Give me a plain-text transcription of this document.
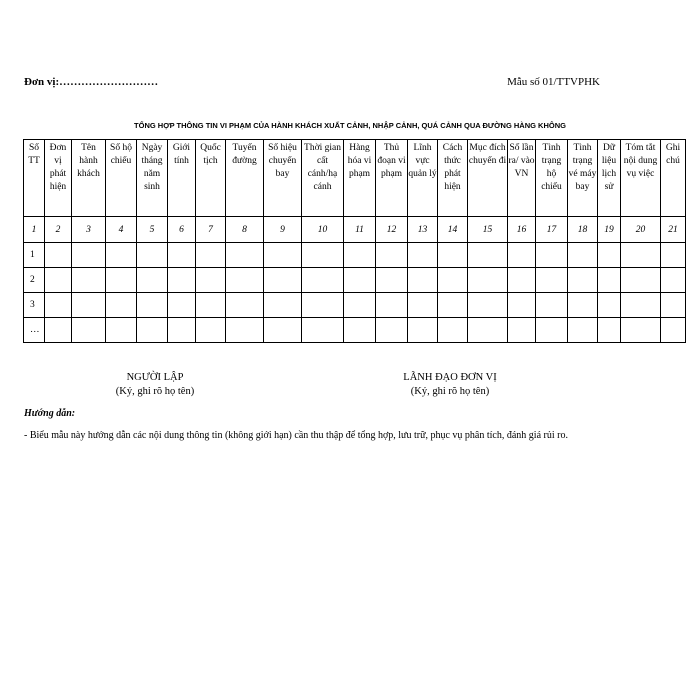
Đơn vị:………………………	Mẫu số 01/TTVPHK
TỔNG HỢP THÔNG TIN VI PHẠM CỦA HÀNH KHÁCH XUẤT CẢNH, NHẬP CẢNH, QUÁ CẢNH QUA ĐƯỜNG HÀNG KHÔNG
Số TT	Đơn vị phát hiện	Tên hành khách	Số hộ chiếu	Ngày tháng năm sinh	Giới tính	Quốc tịch	Tuyến đường	Số hiệu chuyến bay	Thời gian cất cánh/hạ cánh	Hàng hóa vi phạm	Thủ đoạn vi phạm	Lĩnh vực quản lý	Cách thức phát hiện	Mục đích chuyến đi	Số lần ra/ vào VN	Tình trạng hộ chiếu	Tình trạng vé máy bay	Dữ liệu lịch sử	Tóm tắt nội dung vụ việc	Ghi chú
1	2	3	4	5	6	7	8	9	10	11	12	13	14	15	16	17	18	19	20	21
1																				
2																				
3																				
…																				
NGƯỜI LẬP
(Ký, ghi rõ họ tên)
LÃNH ĐẠO ĐƠN VỊ
(Ký, ghi rõ họ tên)
Hướng dẫn:
- Biểu mẫu này hướng dẫn các nội dung thông tin (không giới hạn) cần thu thập để tổng hợp, lưu trữ, phục vụ phân tích, đánh giá rủi ro.
